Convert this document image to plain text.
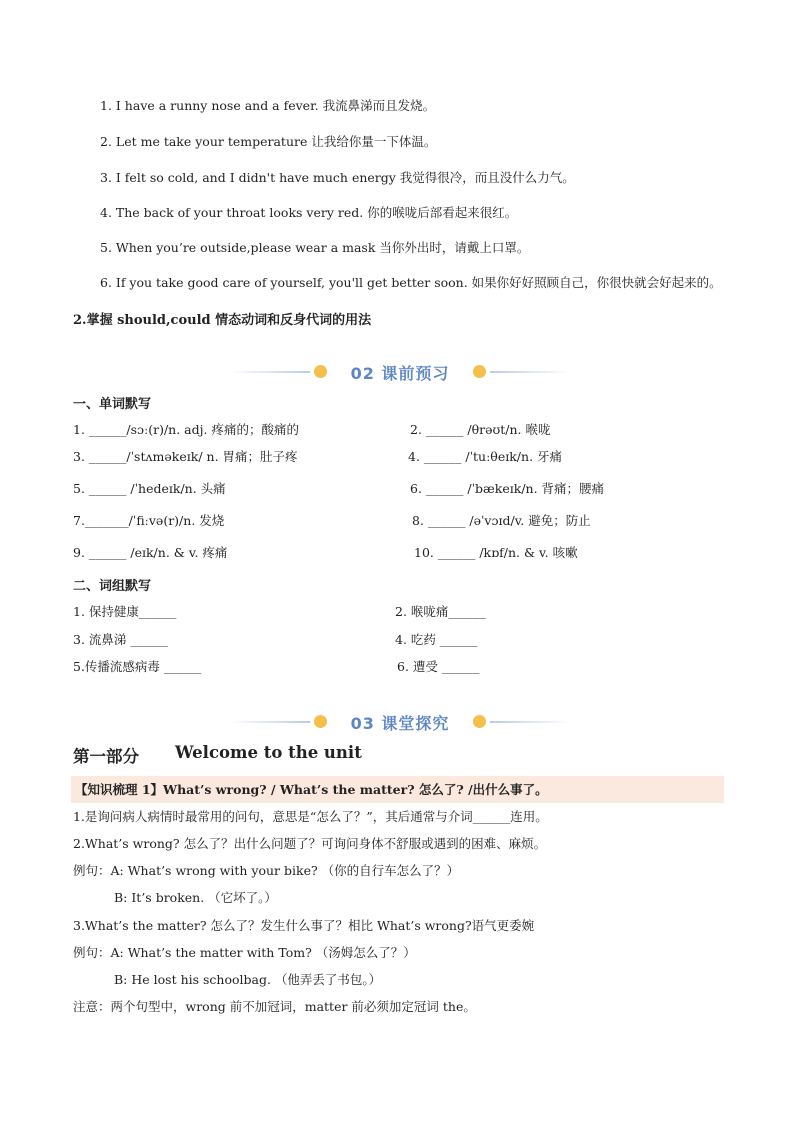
1. I have a runny nose and a fever. 我流鼻涕而且发烧。
2. Let me take your temperature 让我给你量一下体温。
3. I felt so cold, and I didn't have much energy 我觉得很冷，而且没什么力气。
4. The back of your throat looks very red. 你的喉咙后部看起来很红。
5. When you’re outside,please wear a mask 当你外出时，请戴上口罩。
6. If you take good care of yourself, you'll get better soon. 如果你好好照顾自己，你很快就会好起来的。
2.掌握 should,could 情态动词和反身代词的用法
02 课前预习
一、单词默写
1. ______/sɔː(r)/n. adj. 疼痛的；酸痛的	2. ______ /θrəʊt/n. 喉咙
3. ______/ˈstʌməkeɪk/ n. 胃痛；肚子疼	4. ______ /ˈtuːθeɪk/n. 牙痛
5. ______ /ˈhedeɪk/n. 头痛	6. ______ /ˈbækeɪk/n. 背痛；腰痛
7._______/ˈfiːvə(r)/n. 发烧	8. ______ /əˈvɔɪd/v. 避免；防止
9. ______ /eɪk/n. & v. 疼痛	10. ______ /kɒf/n. & v. 咳嗽
二、词组默写
1. 保持健康______	2. 喉咙痛______
3. 流鼻涕 ______	4. 吃药 ______
5.传播流感病毒 ______	6. 遭受 ______
03 课堂探究
第一部分 Welcome to the unit
【知识梳理 1】What’s wrong? / What’s the matter? 怎么了? /出什么事了。
1.是询问病人病情时最常用的问句，意思是“怎么了？”，其后通常与介词______连用。
2.What’s wrong? 怎么了？出什么问题了？可询问身体不舒服或遇到的困难、麻烦。
例句：A: What’s wrong with your bike? （你的自行车怎么了？）
B: It’s broken. （它坏了。）
3.What’s the matter? 怎么了？发生什么事了？相比 What’s wrong?语气更委婉
例句：A: What’s the matter with Tom? （汤姆怎么了？）
B: He lost his schoolbag. （他弄丢了书包。）
注意：两个句型中，wrong 前不加冠词，matter 前必须加定冠词 the。
